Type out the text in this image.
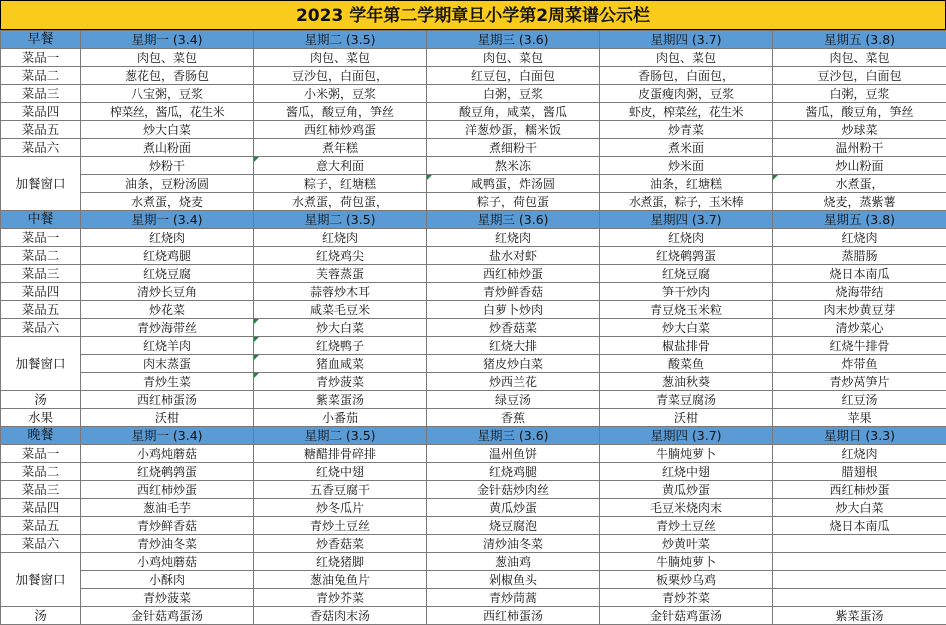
2023 学年第二学期章旦小学第2周菜谱公示栏
早餐	星期一 (3.4)	星期二 (3.5)	星期三 (3.6)	星期四 (3.7)	星期五 (3.8)
菜品一	肉包、菜包	肉包、菜包	肉包、菜包	肉包、菜包	肉包、菜包
菜品二	葱花包，香肠包	豆沙包，白面包，	红豆包，白面包	香肠包，白面包，	豆沙包，白面包
菜品三	八宝粥，豆浆	小米粥，豆浆	白粥，豆浆	皮蛋瘦肉粥，豆浆	白粥，豆浆
菜品四	榨菜丝，酱瓜，花生米	酱瓜，酸豆角，笋丝	酸豆角，咸菜，酱瓜	虾皮，榨菜丝，花生米	酱瓜，酸豆角，笋丝
菜品五	炒大白菜	西红柿炒鸡蛋	洋葱炒蛋，糯米饭	炒青菜	炒球菜
菜品六	煮山粉面	煮年糕	煮细粉干	煮米面	温州粉干
加餐窗口	炒粉干	意大利面	熬米冻	炒米面	炒山粉面
	油条，豆粉汤圆	粽子，红塘糕	咸鸭蛋，炸汤圆	油条，红塘糕	水煮蛋，
	水煮蛋，烧麦	水煮蛋，荷包蛋，	粽子，荷包蛋	水煮蛋，粽子，玉米棒	烧麦，蒸紫薯
中餐	星期一 (3.4)	星期二 (3.5)	星期三 (3.6)	星期四 (3.7)	星期五 (3.8)
菜品一	红烧肉	红烧肉	红烧肉	红烧肉	红烧肉
菜品二	红烧鸡腿	红烧鸡尖	盐水对虾	红烧鹌鹑蛋	蒸腊肠
菜品三	红烧豆腐	芙蓉蒸蛋	西红柿炒蛋	红烧豆腐	烧日本南瓜
菜品四	清炒长豆角	蒜蓉炒木耳	青炒鲜香菇	笋干炒肉	烧海带结
菜品五	炒花菜	咸菜毛豆米	白萝卜炒肉	青豆烧玉米粒	肉末炒黄豆芽
菜品六	青炒海带丝	炒大白菜	炒香菇菜	炒大白菜	清炒菜心
加餐窗口	红烧羊肉	红烧鸭子	红烧大排	椒盐排骨	红烧牛排骨
	肉末蒸蛋	猪血咸菜	猪皮炒白菜	酸菜鱼	炸带鱼
	青炒生菜	青炒菠菜	炒西兰花	葱油秋葵	青炒莴笋片
汤	西红柿蛋汤	紫菜蛋汤	绿豆汤	青菜豆腐汤	红豆汤
水果	沃柑	小番茄	香蕉	沃柑	苹果
晚餐	星期一 (3.4)	星期二 (3.5)	星期三 (3.6)	星期四 (3.7)	星期日 (3.3)
菜品一	小鸡炖蘑菇	糖醋排骨碎排	温州鱼饼	牛腩炖萝卜	红烧肉
菜品二	红烧鹌鹑蛋	红烧中翅	红烧鸡腿	红烧中翅	腊翅根
菜品三	西红柿炒蛋	五香豆腐干	金针菇炒肉丝	黄瓜炒蛋	西红柿炒蛋
菜品四	葱油毛芋	炒冬瓜片	黄瓜炒蛋	毛豆米烧肉末	炒大白菜
菜品五	青炒鲜香菇	青炒土豆丝	烧豆腐泡	青炒土豆丝	烧日本南瓜
菜品六	青炒油冬菜	炒香菇菜	清炒油冬菜	炒黄叶菜	
加餐窗口	小鸡炖蘑菇	红烧猪脚	葱油鸡	牛腩炖萝卜	
	小酥肉	葱油兔鱼片	剁椒鱼头	板栗炒乌鸡	
	青炒菠菜	青炒芥菜	青炒茼蒿	青炒芥菜	
汤	金针菇鸡蛋汤	香菇肉末汤	西红柿蛋汤	金针菇鸡蛋汤	紫菜蛋汤
